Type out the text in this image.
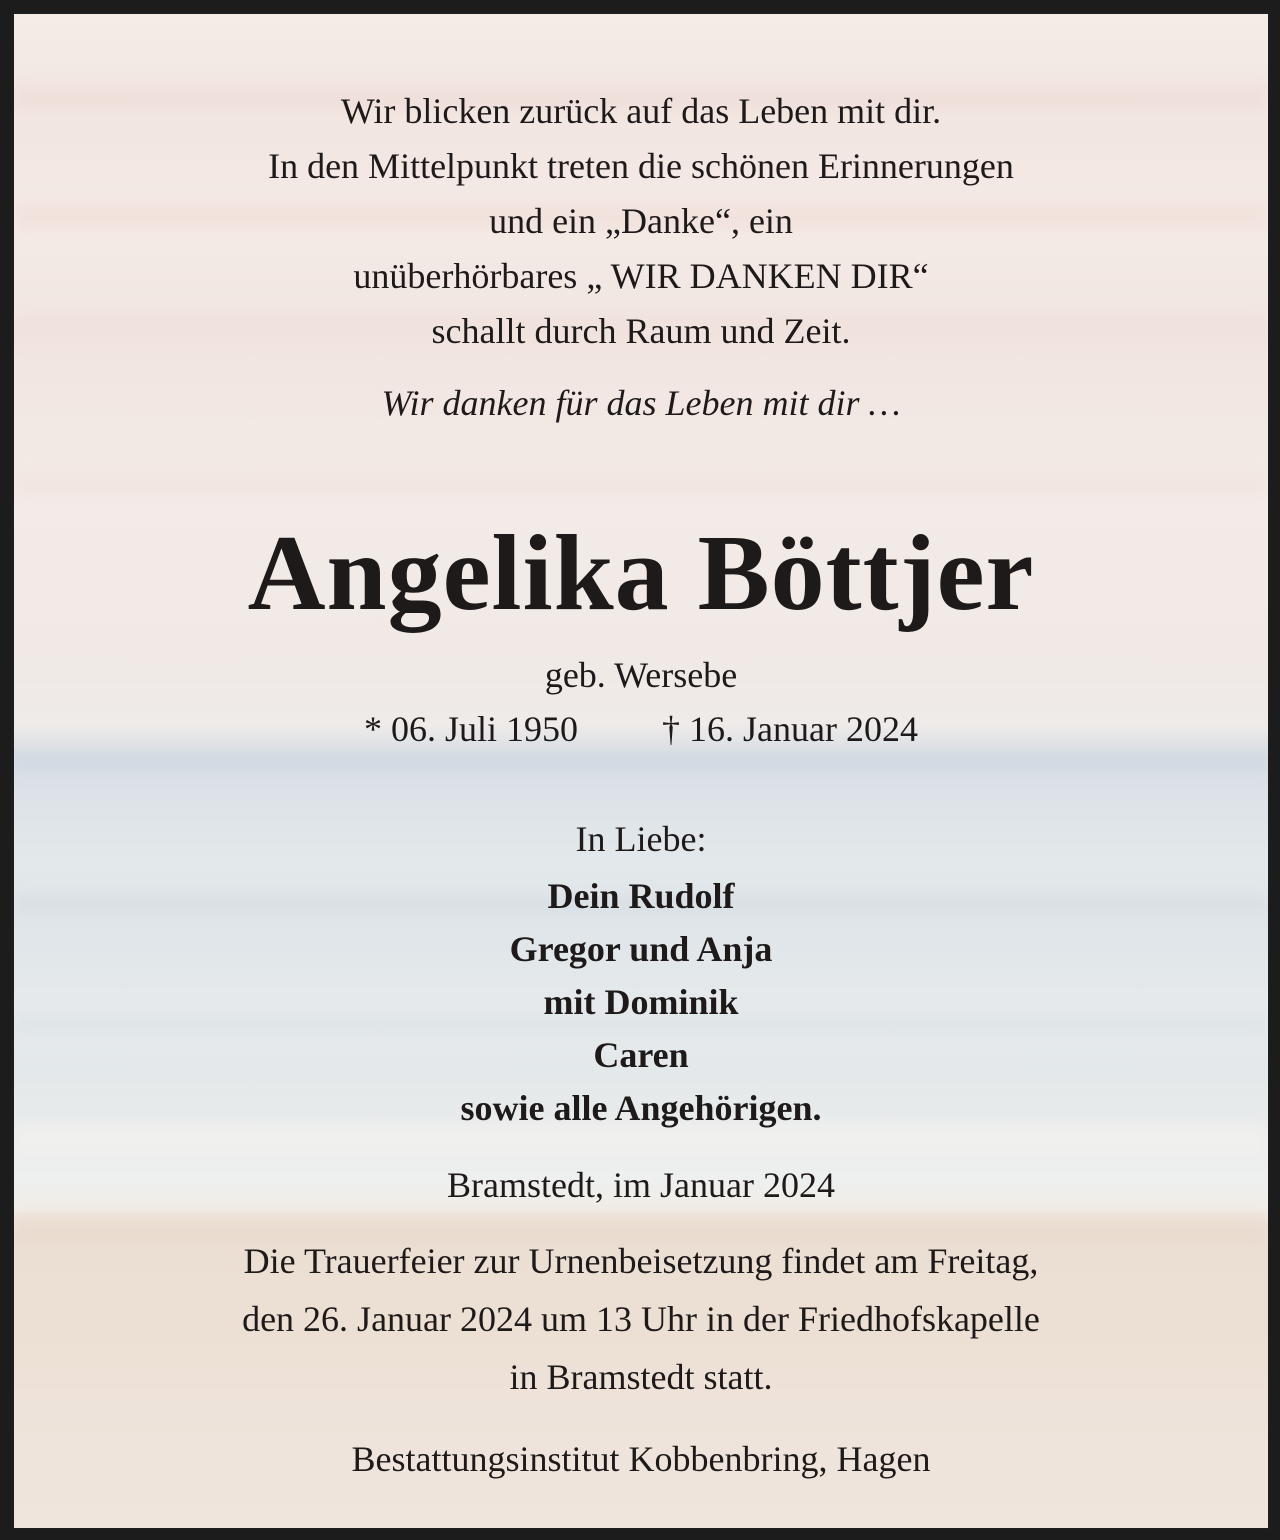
Wir blicken zurück auf das Leben mit dir.

In den Mittelpunkt treten die schönen Erinnerungen

und ein „Danke“, ein

unüberhörbares „ WIR DANKEN DIR“

schallt durch Raum und Zeit.

Wir danken für das Leben mit dir …
Angelika Böttjer
geb. Wersebe
* 06. Juli 1950 † 16. Januar 2024
In Liebe:

Dein Rudolf

Gregor und Anja

mit Dominik

Caren

sowie alle Angehörigen.

Bramstedt, im Januar 2024

Die Trauerfeier zur Urnenbeisetzung findet am Freitag,

den 26. Januar 2024 um 13 Uhr in der Friedhofskapelle

in Bramstedt statt.

Bestattungsinstitut Kobbenbring, Hagen
